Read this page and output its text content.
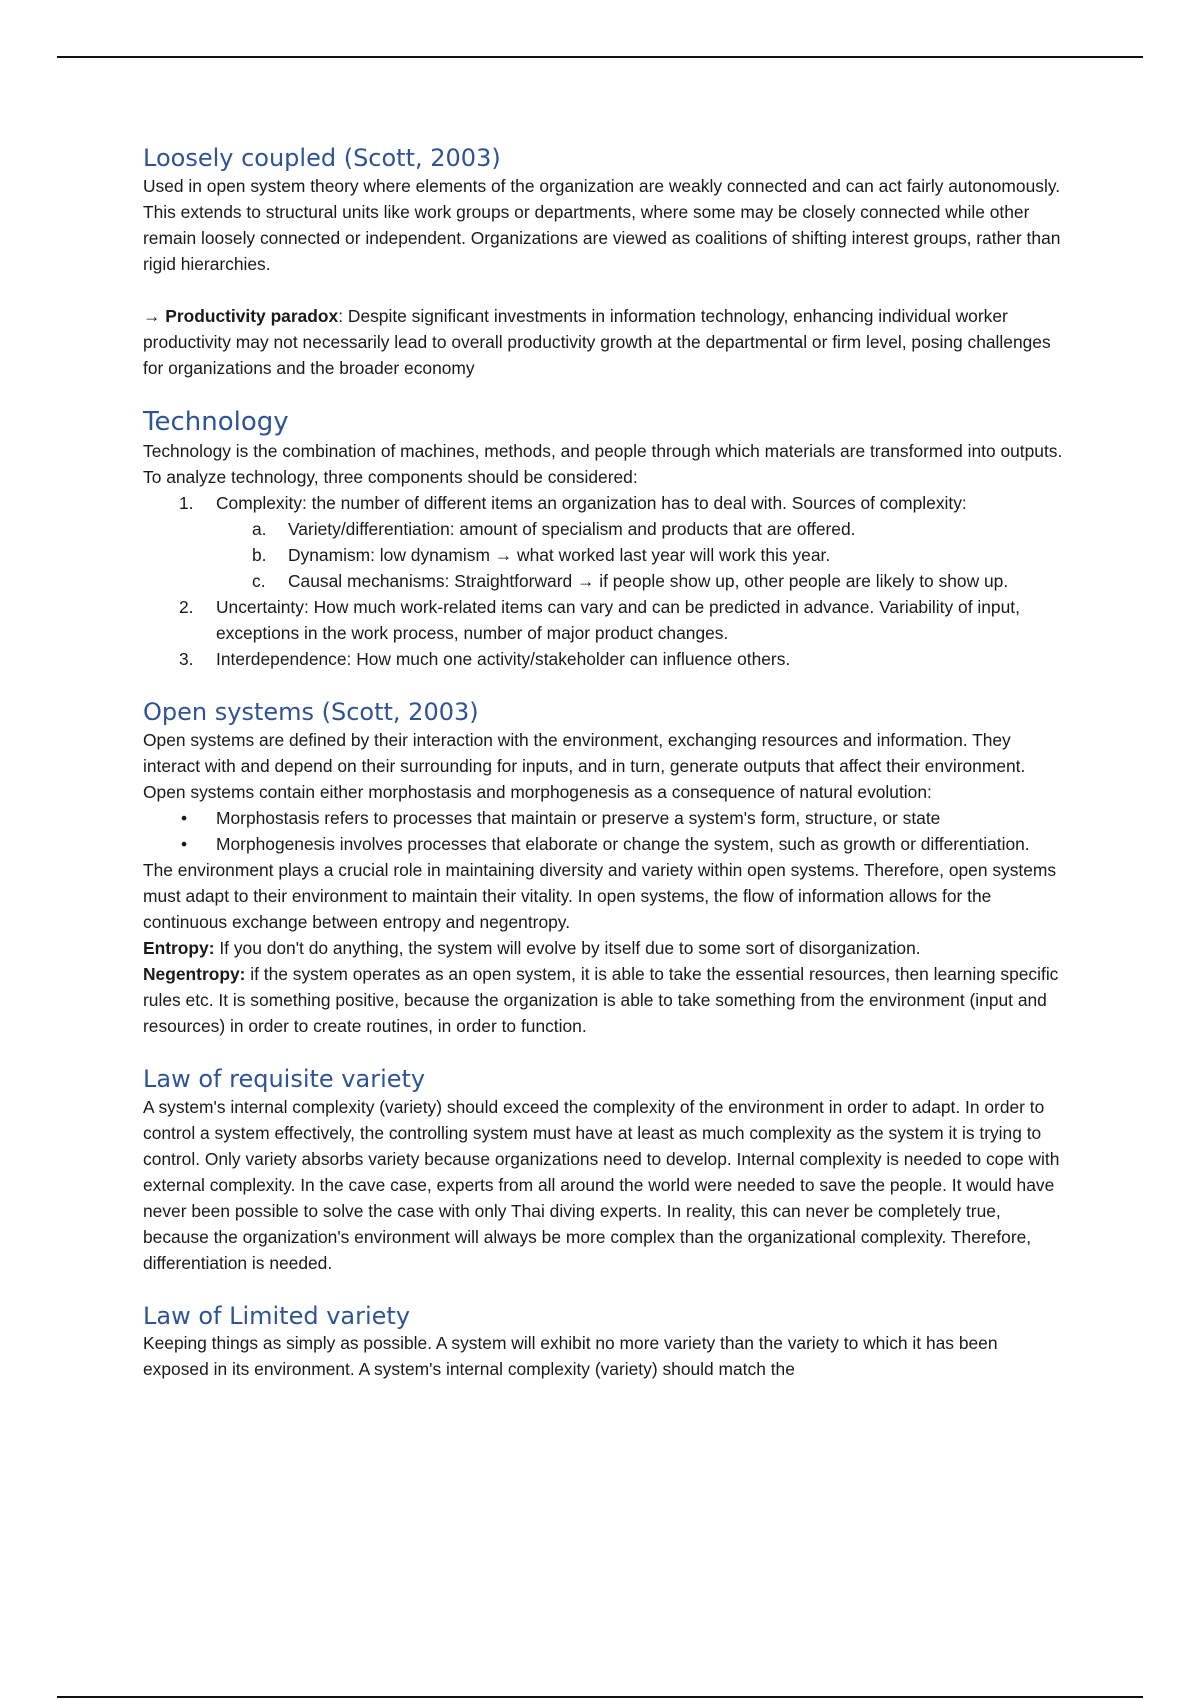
Loosely coupled (Scott, 2003)

Used in open system theory where elements of the organization are weakly connected and can act fairly autonomously. This extends to structural units like work groups or departments, where some may be closely connected while other remain loosely connected or independent. Organizations are viewed as coalitions of shifting interest groups, rather than rigid hierarchies.

→ Productivity paradox: Despite significant investments in information technology, enhancing individual worker productivity may not necessarily lead to overall productivity growth at the departmental or firm level, posing challenges for organizations and the broader economy

Technology

Technology is the combination of machines, methods, and people through which materials are transformed into outputs. To analyze technology, three components should be considered:

1. Complexity: the number of different items an organization has to deal with. Sources of complexity:
a. Variety/differentiation: amount of specialism and products that are offered.
b. Dynamism: low dynamism → what worked last year will work this year.
c. Causal mechanisms: Straightforward → if people show up, other people are likely to show up.
2. Uncertainty: How much work-related items can vary and can be predicted in advance. Variability of input, exceptions in the work process, number of major product changes.
3. Interdependence: How much one activity/stakeholder can influence others.
Open systems (Scott, 2003)

Open systems are defined by their interaction with the environment, exchanging resources and information. They interact with and depend on their surrounding for inputs, and in turn, generate outputs that affect their environment. Open systems contain either morphostasis and morphogenesis as a consequence of natural evolution:

• Morphostasis refers to processes that maintain or preserve a system's form, structure, or state
• Morphogenesis involves processes that elaborate or change the system, such as growth or differentiation.

The environment plays a crucial role in maintaining diversity and variety within open systems. Therefore, open systems must adapt to their environment to maintain their vitality. In open systems, the flow of information allows for the continuous exchange between entropy and negentropy.

Entropy: If you don't do anything, the system will evolve by itself due to some sort of disorganization.

Negentropy: if the system operates as an open system, it is able to take the essential resources, then learning specific rules etc. It is something positive, because the organization is able to take something from the environment (input and resources) in order to create routines, in order to function.

Law of requisite variety

A system's internal complexity (variety) should exceed the complexity of the environment in order to adapt. In order to control a system effectively, the controlling system must have at least as much complexity as the system it is trying to control. Only variety absorbs variety because organizations need to develop. Internal complexity is needed to cope with external complexity. In the cave case, experts from all around the world were needed to save the people. It would have never been possible to solve the case with only Thai diving experts. In reality, this can never be completely true, because the organization's environment will always be more complex than the organizational complexity. Therefore, differentiation is needed.

Law of Limited variety

Keeping things as simply as possible. A system will exhibit no more variety than the variety to which it has been exposed in its environment. A system's internal complexity (variety) should match the
